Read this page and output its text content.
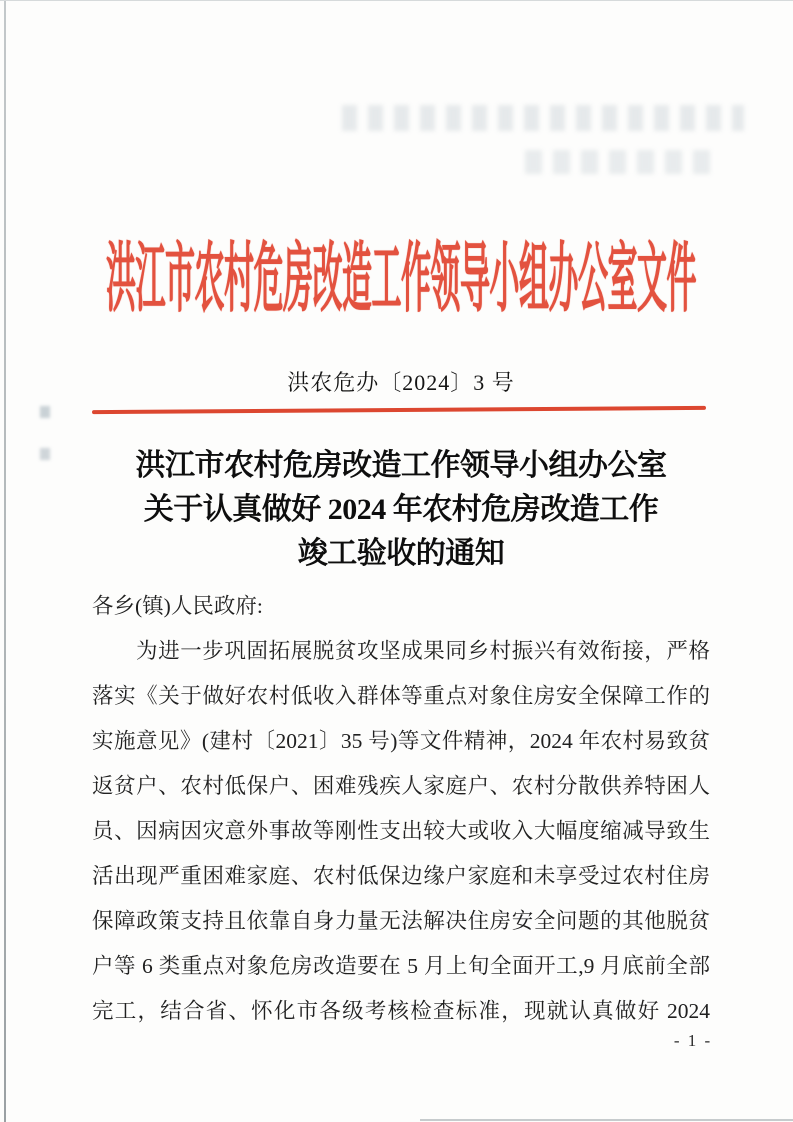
洪江市农村危房改造工作领导小组办公室文件
洪农危办〔2024〕3 号
洪江市农村危房改造工作领导小组办公室
关于认真做好 2024 年农村危房改造工作
竣工验收的通知
各乡(镇)人民政府:
为进一步巩固拓展脱贫攻坚成果同乡村振兴有效衔接，严格
落实《关于做好农村低收入群体等重点对象住房安全保障工作的
实施意见》(建村〔2021〕35 号)等文件精神，2024 年农村易致贫
返贫户、农村低保户、困难残疾人家庭户、农村分散供养特困人
员、因病因灾意外事故等刚性支出较大或收入大幅度缩减导致生
活出现严重困难家庭、农村低保边缘户家庭和未享受过农村住房
保障政策支持且依靠自身力量无法解决住房安全问题的其他脱贫
户等 6 类重点对象危房改造要在 5 月上旬全面开工,9 月底前全部
完工，结合省、怀化市各级考核检查标准，现就认真做好 2024
- 1 -
